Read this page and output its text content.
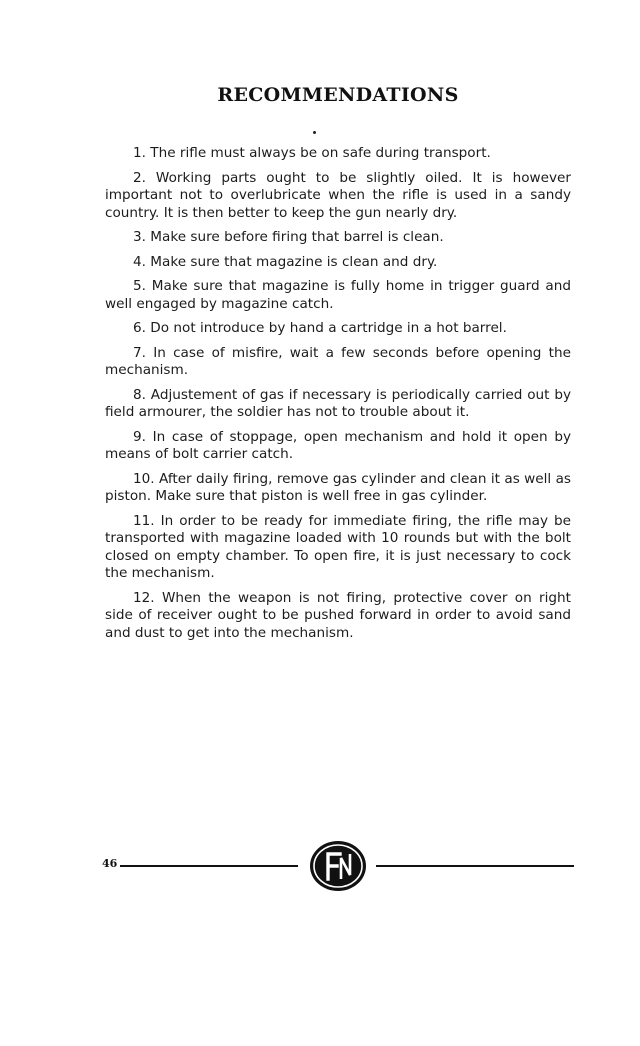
RECOMMENDATIONS

1. The rifle must always be on safe during transport.

2. Working parts ought to be slightly oiled. It is however important not to overlubricate when the rifle is used in a sandy country. It is then better to keep the gun nearly dry.

3. Make sure before firing that barrel is clean.

4. Make sure that magazine is clean and dry.

5. Make sure that magazine is fully home in trigger guard and well engaged by magazine catch.

6. Do not introduce by hand a cartridge in a hot barrel.

7. In case of misfire, wait a few seconds before opening the mechanism.

8. Adjustement of gas if necessary is periodically carried out by field armourer, the soldier has not to trouble about it.

9. In case of stoppage, open mechanism and hold it open by means of bolt carrier catch.

10. After daily firing, remove gas cylinder and clean it as well as piston. Make sure that piston is well free in gas cylinder.

11. In order to be ready for immediate firing, the rifle may be transported with magazine loaded with 10 rounds but with the bolt closed on empty chamber. To open fire, it is just necessary to cock the mechanism.

12. When the weapon is not firing, protective cover on right side of receiver ought to be pushed forward in order to avoid sand and dust to get into the mechanism.

46
